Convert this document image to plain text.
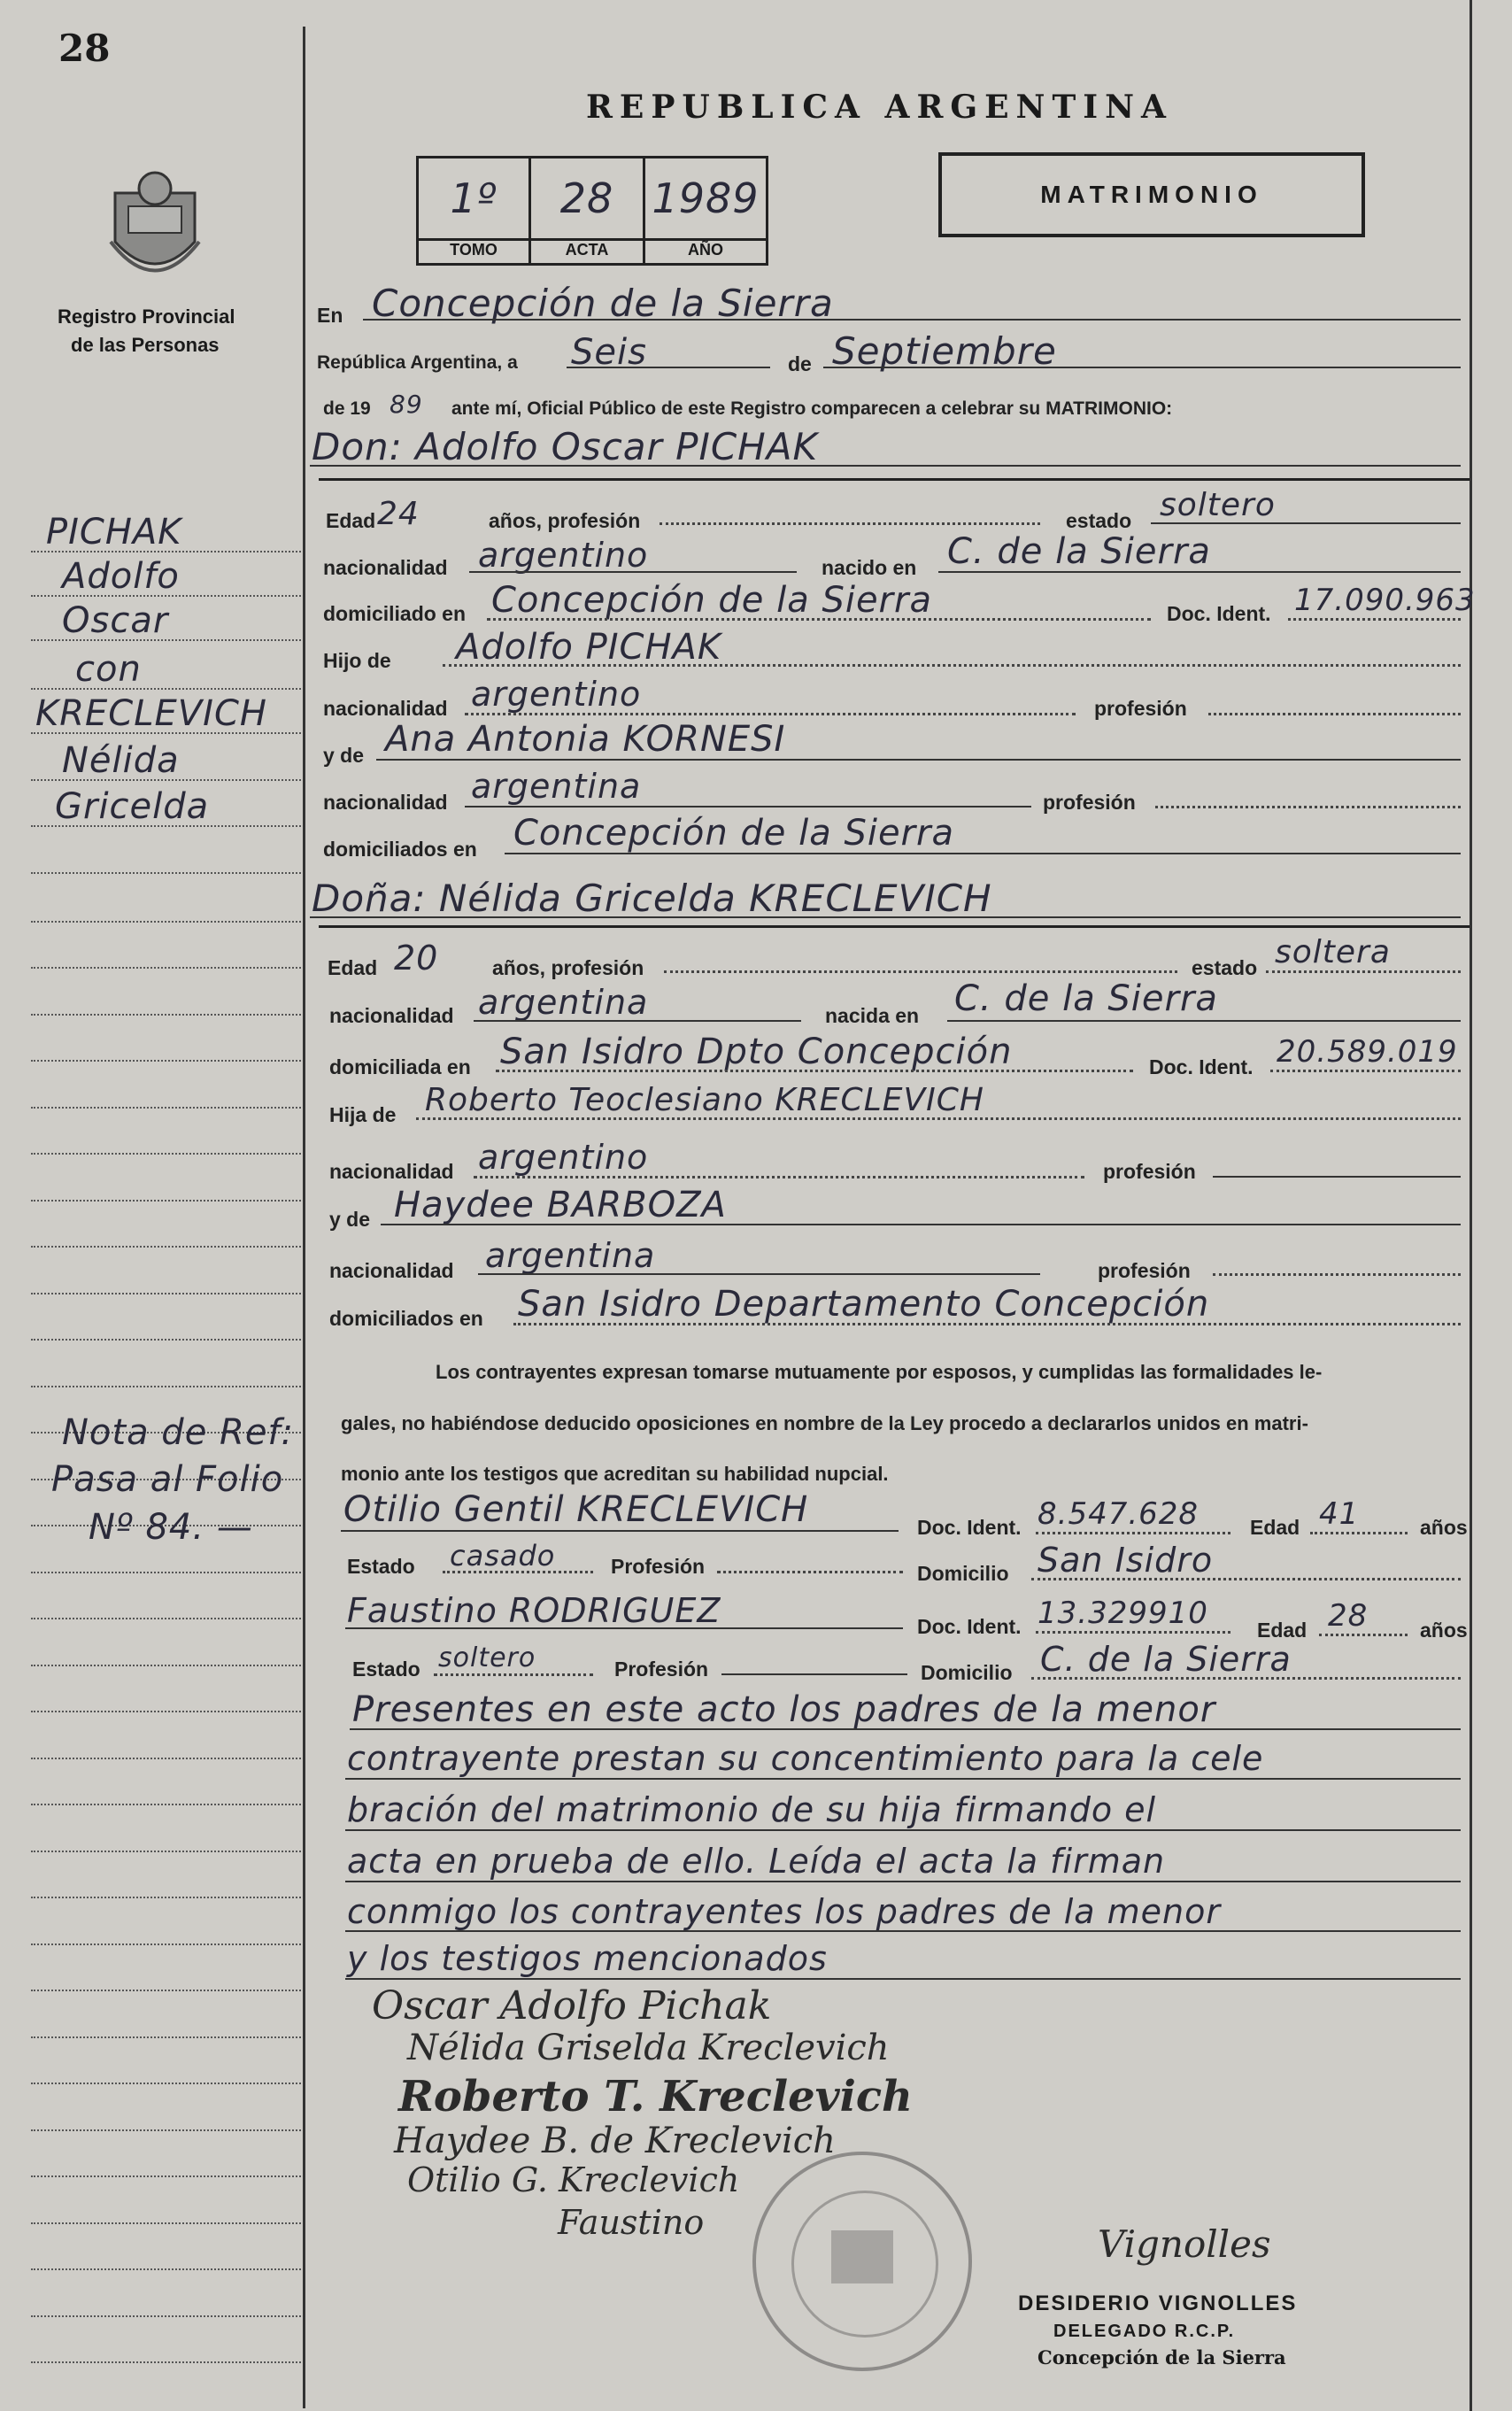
28
Registro Provincial
de las Personas
REPUBLICA ARGENTINA
1º
TOMO
28
ACTA
1989
AÑO
MATRIMONIO
En Concepción de la Sierra
República Argentina, a Seis	de Septiembre
de 19 89 ante mí, Oficial Público de este Registro comparecen a celebrar su MATRIMONIO:
Don: Adolfo Oscar PICHAK
Edad 24	años, profesión	estado soltero
nacionalidad argentino	nacido en C. de la Sierra
domiciliado en Concepción de la Sierra	Doc. Ident. 17.090.963
Hijo de Adolfo PICHAK
nacionalidad argentino	profesión
y de Ana Antonia KORNESI
nacionalidad argentina	profesión
domiciliados en Concepción de la Sierra
Doña: Nélida Gricelda KRECLEVICH
Edad 20	años, profesión	estado soltera
nacionalidad argentina	nacida en C. de la Sierra
domiciliada en San Isidro Dpto Concepción	Doc. Ident. 20.589.019
Hija de Roberto Teoclesiano KRECLEVICH
nacionalidad argentino	profesión
y de Haydee BARBOZA
nacionalidad argentina	profesión
domiciliados en San Isidro Departamento Concepción
Los contrayentes expresan tomarse mutuamente por esposos, y cumplidas las formalidades le-
gales, no habiéndose deducido oposiciones en nombre de la Ley procedo a declararlos unidos en matri-
monio ante los testigos que acreditan su habilidad nupcial.
Otilio Gentil KRECLEVICH	Doc. Ident. 8.547.628	Edad 41	años
Estado casado	Profesión	Domicilio San Isidro
Faustino RODRIGUEZ	Doc. Ident. 13.329910 Edad 28	años
Estado soltero	Profesión	Domicilio C. de la Sierra
Presentes en este acto los padres de la menor
contrayente prestan su concentimiento para la cele
bración del matrimonio de su hija firmando el
acta en prueba de ello. Leída el acta la firman
conmigo los contrayentes los padres de la menor
y los testigos mencionados
Oscar Adolfo Pichak
Nélida Griselda Kreclevich
Roberto T. Kreclevich
Haydee B. de Kreclevich
Otilio G. Kreclevich
Faustino	Vignolles
DESIDERIO VIGNOLLES
DELEGADO R.C.P.
Concepción de la Sierra
PICHAK
Adolfo
Oscar
con
KRECLEVICH
Nélida
Gricelda
Nota de Ref:
Pasa al Folio
Nº 84. —
